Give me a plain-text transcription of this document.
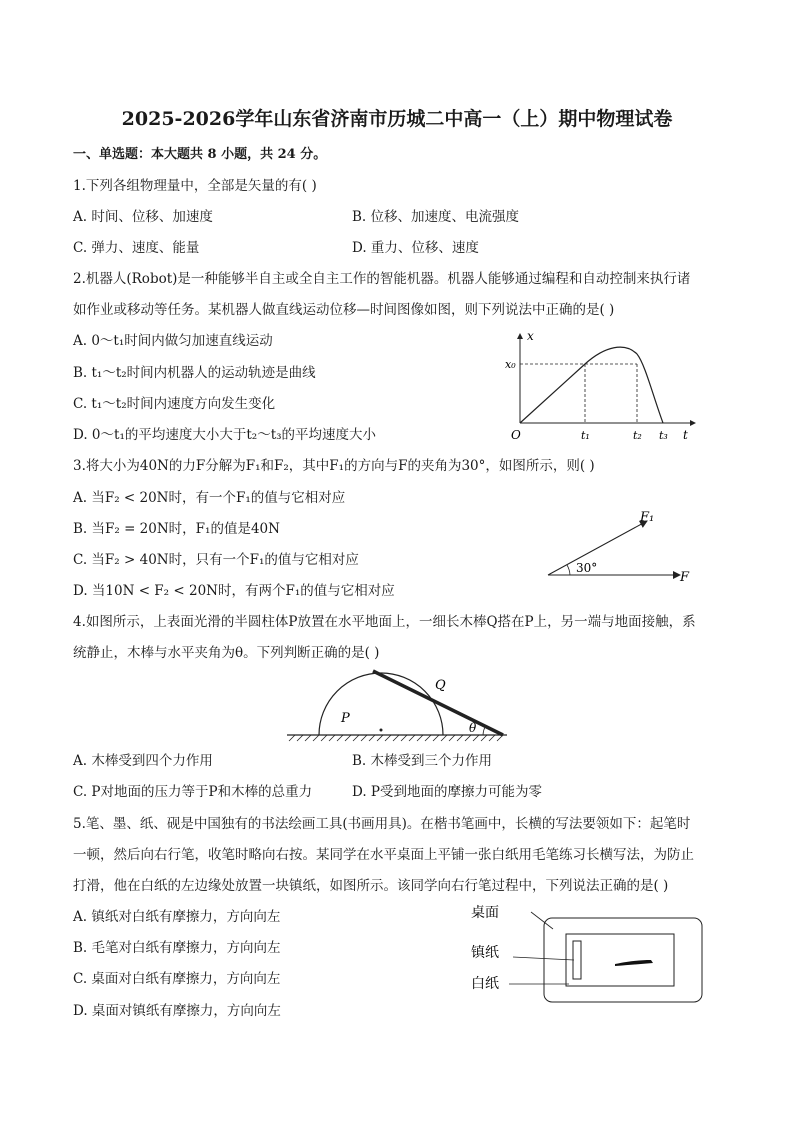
2025-2026学年山东省济南市历城二中高一（上）期中物理试卷
一、单选题：本大题共 8 小题，共 24 分。
1.下列各组物理量中，全部是矢量的有( )
A. 时间、位移、加速度	B. 位移、加速度、电流强度
C. 弹力、速度、能量	D. 重力、位移、速度
2.机器人(Robot)是一种能够半自主或全自主工作的智能机器。机器人能够通过编程和自动控制来执行诸
如作业或移动等任务。某机器人做直线运动位移—时间图像如图，则下列说法中正确的是( )
A. 0～t₁时间内做匀加速直线运动
B. t₁～t₂时间内机器人的运动轨迹是曲线
C. t₁～t₂时间内速度方向发生变化
D. 0～t₁的平均速度大小大于t₂～t₃的平均速度大小
x
t
x₀
O	t₁	t₂ t₃
3.将大小为40N的力F分解为F₁和F₂，其中F₁的方向与F的夹角为30°，如图所示，则( )
A. 当F₂ < 20N时，有一个F₁的值与它相对应
B. 当F₂ = 20N时，F₁的值是40N
C. 当F₂ > 40N时，只有一个F₁的值与它相对应
D. 当10N < F₂ < 20N时，有两个F₁的值与它相对应
30°
F₁
F
4.如图所示，上表面光滑的半圆柱体P放置在水平地面上，一细长木棒Q搭在P上，另一端与地面接触，系
统静止，木棒与水平夹角为θ。下列判断正确的是( )
P
Q
θ
A. 木棒受到四个力作用	B. 木棒受到三个力作用
C. P对地面的压力等于P和木棒的总重力	D. P受到地面的摩擦力可能为零
5.笔、墨、纸、砚是中国独有的书法绘画工具(书画用具)。在楷书笔画中，长横的写法要领如下：起笔时
一顿，然后向右行笔，收笔时略向右按。某同学在水平桌面上平铺一张白纸用毛笔练习长横写法，为防止
打滑，他在白纸的左边缘处放置一块镇纸，如图所示。该同学向右行笔过程中，下列说法正确的是( )
A. 镇纸对白纸有摩擦力，方向向左
B. 毛笔对白纸有摩擦力，方向向左
C. 桌面对白纸有摩擦力，方向向左
D. 桌面对镇纸有摩擦力，方向向左
桌面
镇纸
白纸
